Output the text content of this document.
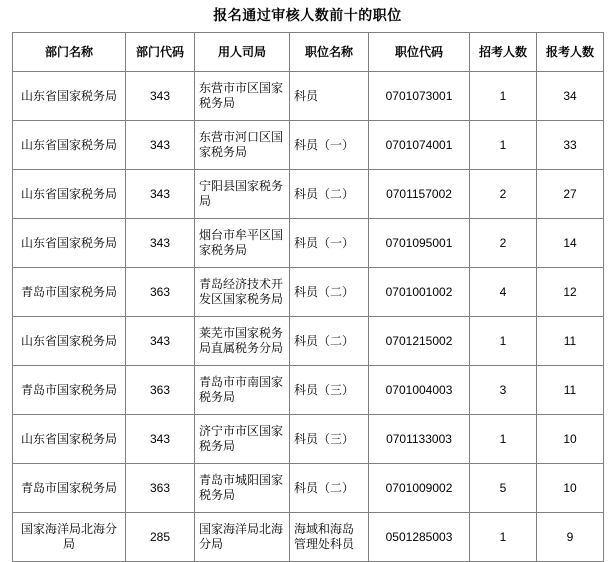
报名通过审核人数前十的职位
部门名称	部门代码	用人司局	职位名称	职位代码	招考人数	报考人数
山东省国家税务局	343	东营市市区国家税务局	科员	0701073001	1	34
山东省国家税务局	343	东营市河口区国家税务局	科员（一）	0701074001	1	33
山东省国家税务局	343	宁阳县国家税务局	科员（二）	0701157002	2	27
山东省国家税务局	343	烟台市牟平区国家税务局	科员（一）	0701095001	2	14
青岛市国家税务局	363	青岛经济技术开发区国家税务局	科员（二）	0701001002	4	12
山东省国家税务局	343	莱芜市国家税务局直属税务分局	科员（二）	0701215002	1	11
青岛市国家税务局	363	青岛市市南国家税务局	科员（三）	0701004003	3	11
山东省国家税务局	343	济宁市市区国家税务局	科员（三）	0701133003	1	10
青岛市国家税务局	363	青岛市城阳国家税务局	科员（二）	0701009002	5	10
国家海洋局北海分局	285	国家海洋局北海分局	海域和海岛管理处科员	0501285003	1	9
